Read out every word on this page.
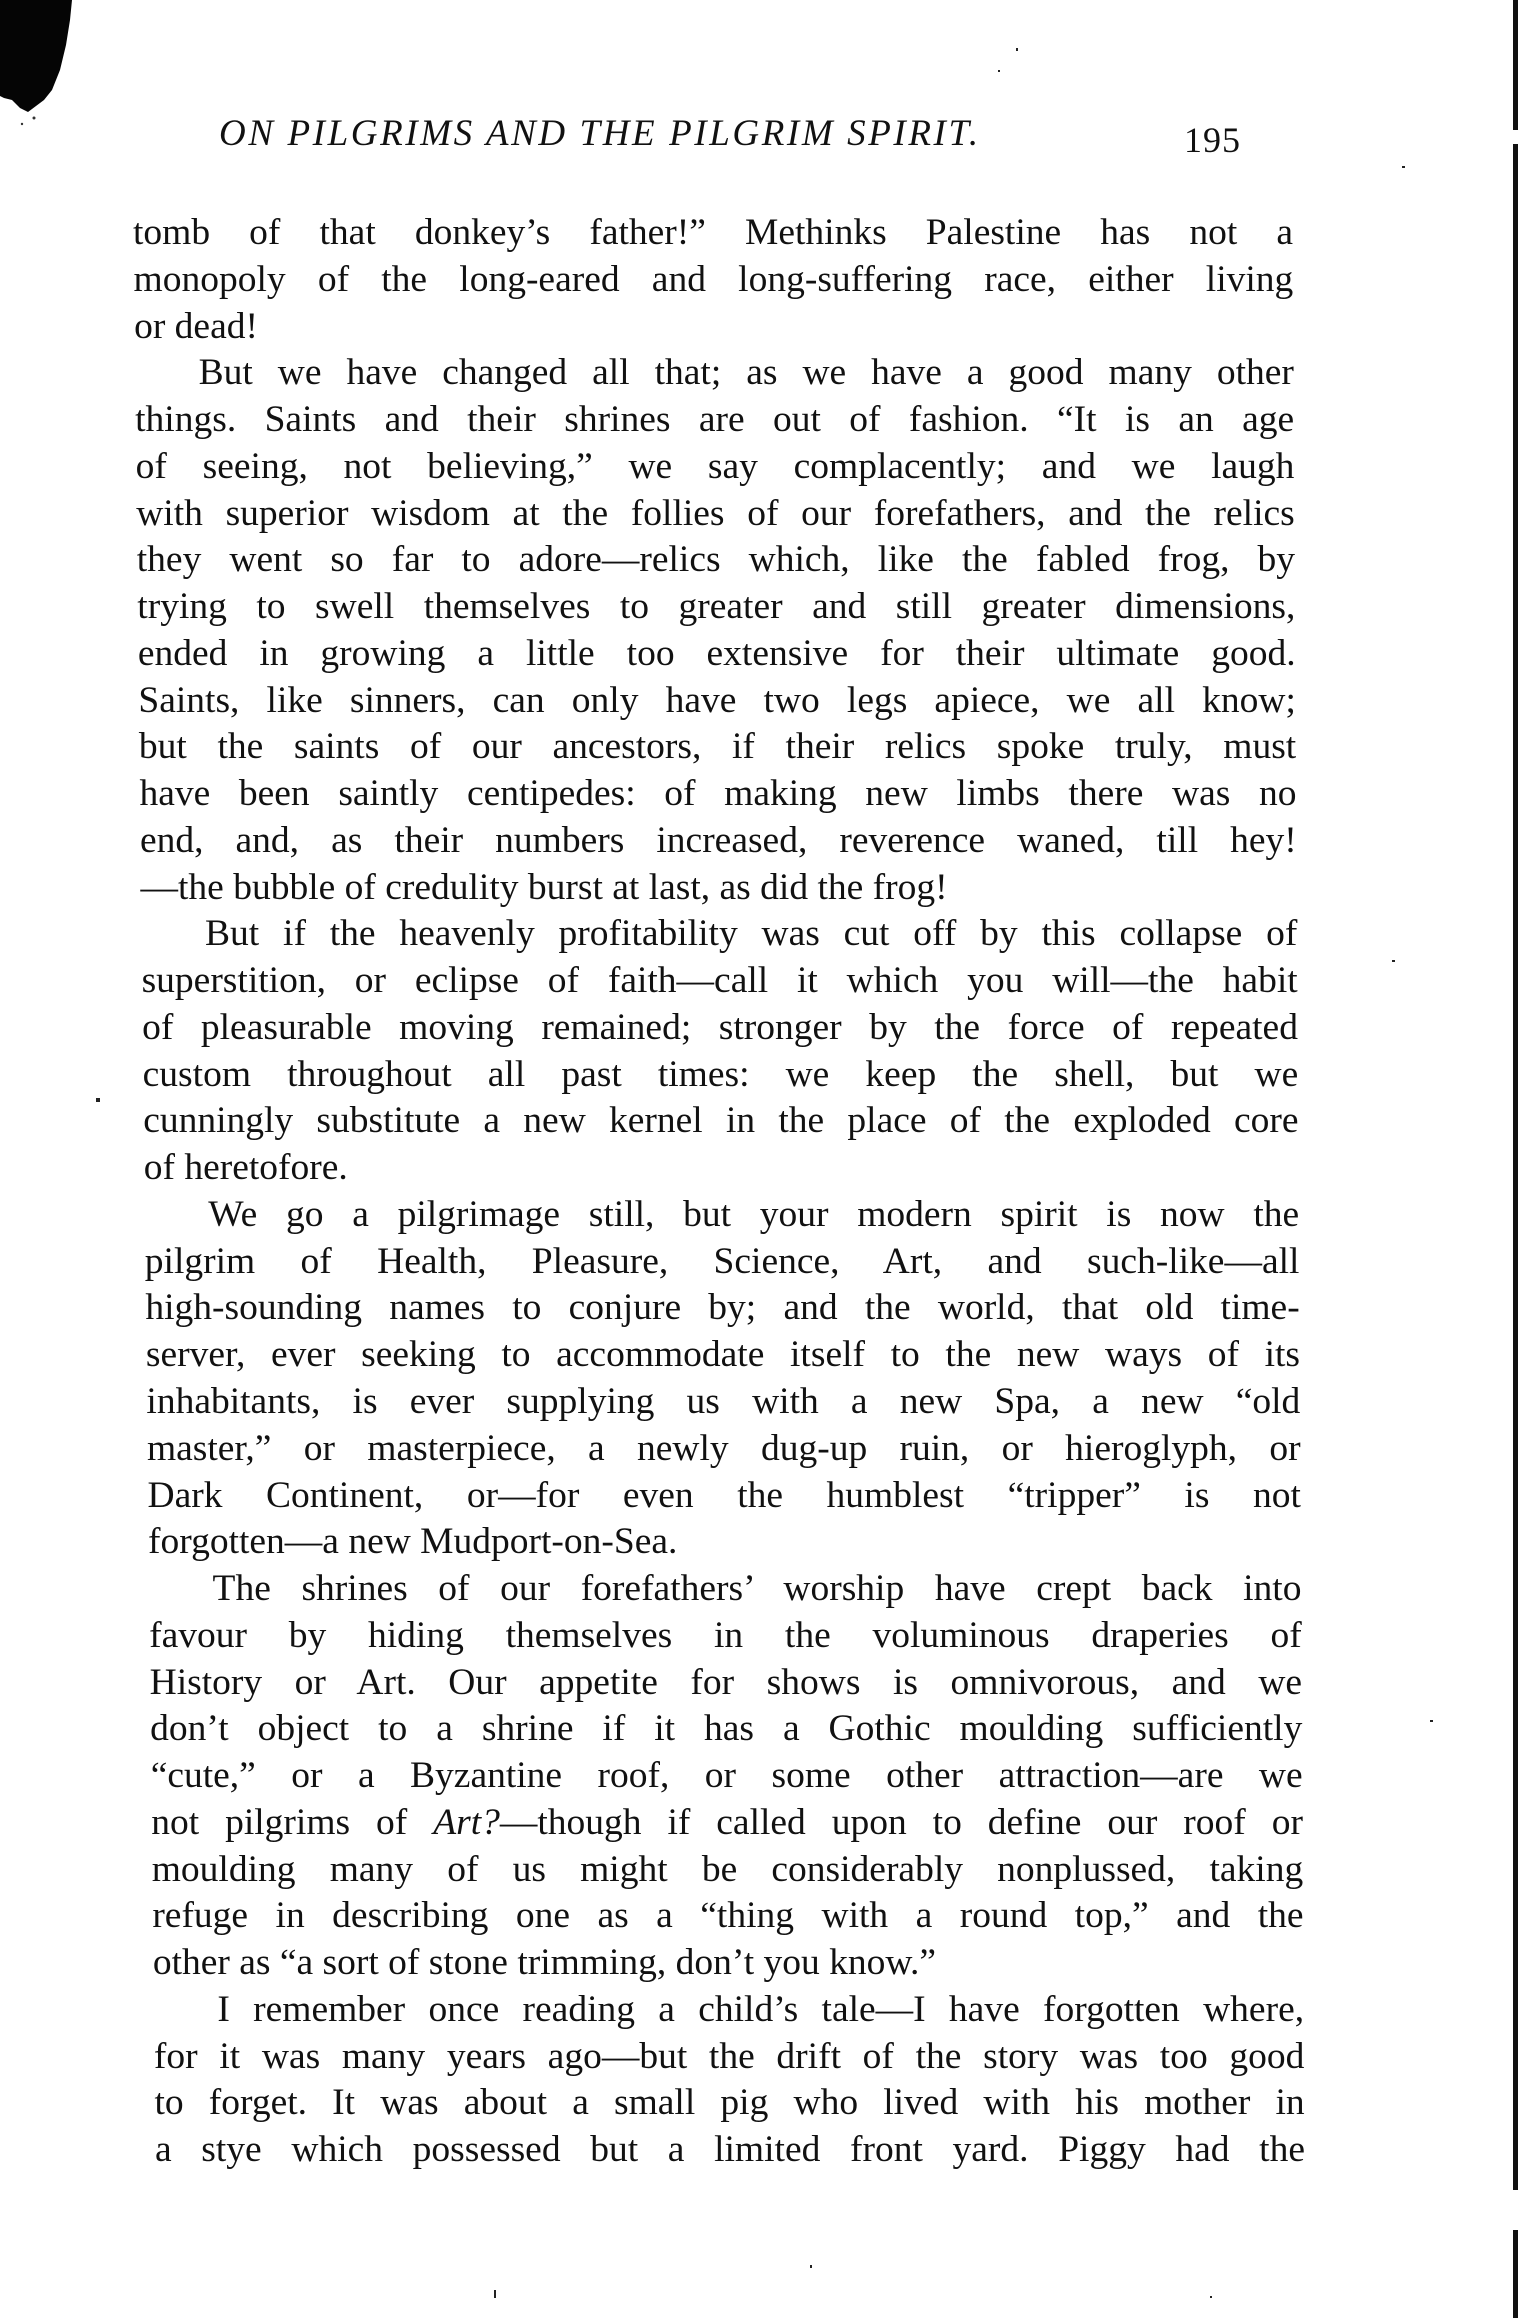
ON PILGRIMS AND THE PILGRIM SPIRIT.	195
tomb of that donkey’s father!” Methinks Palestine has not a
monopoly of the long-eared and long-suffering race, either living
or dead!
But we have changed all that; as we have a good many other
things. Saints and their shrines are out of fashion. “It is an age
of seeing, not believing,” we say complacently; and we laugh
with superior wisdom at the follies of our forefathers, and the relics
they went so far to adore—relics which, like the fabled frog, by
trying to swell themselves to greater and still greater dimensions,
ended in growing a little too extensive for their ultimate good.
Saints, like sinners, can only have two legs apiece, we all know;
but the saints of our ancestors, if their relics spoke truly, must
have been saintly centipedes: of making new limbs there was no
end, and, as their numbers increased, reverence waned, till hey!
—the bubble of credulity burst at last, as did the frog!
But if the heavenly profitability was cut off by this collapse of
superstition, or eclipse of faith—call it which you will—the habit
of pleasurable moving remained; stronger by the force of repeated
custom throughout all past times: we keep the shell, but we
cunningly substitute a new kernel in the place of the exploded core
of heretofore.
We go a pilgrimage still, but your modern spirit is now the
pilgrim of Health, Pleasure, Science, Art, and such-like—all
high-sounding names to conjure by; and the world, that old time-
server, ever seeking to accommodate itself to the new ways of its
inhabitants, is ever supplying us with a new Spa, a new “old
master,” or masterpiece, a newly dug-up ruin, or hieroglyph, or
Dark Continent, or—for even the humblest “tripper” is not
forgotten—a new Mudport-on-Sea.
The shrines of our forefathers’ worship have crept back into
favour by hiding themselves in the voluminous draperies of
History or Art. Our appetite for shows is omnivorous, and we
don’t object to a shrine if it has a Gothic moulding sufficiently
“cute,” or a Byzantine roof, or some other attraction—are we
not pilgrims of Art?—though if called upon to define our roof or
moulding many of us might be considerably nonplussed, taking
refuge in describing one as a “thing with a round top,” and the
other as “a sort of stone trimming, don’t you know.”
I remember once reading a child’s tale—I have forgotten where,
for it was many years ago—but the drift of the story was too good
to forget. It was about a small pig who lived with his mother in
a stye which possessed but a limited front yard. Piggy had the
